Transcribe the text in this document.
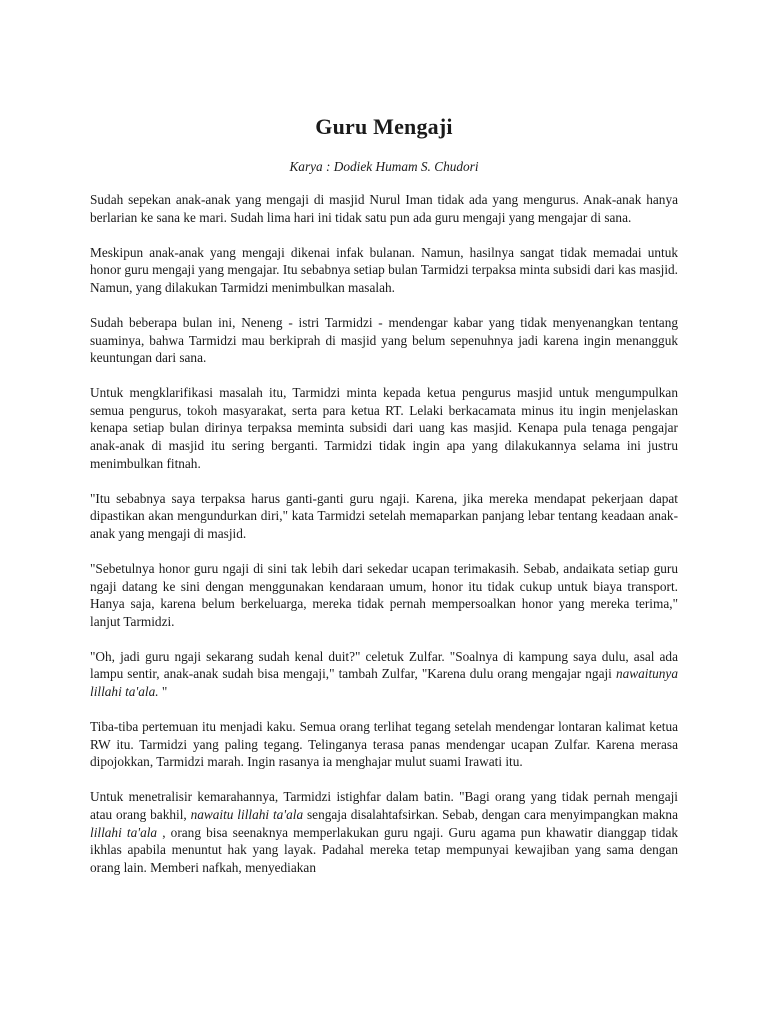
Guru Mengaji
Karya : Dodiek Humam S. Chudori

Sudah sepekan anak-anak yang mengaji di masjid Nurul Iman tidak ada yang mengurus. Anak-anak hanya berlarian ke sana ke mari. Sudah lima hari ini tidak satu pun ada guru mengaji yang mengajar di sana.

Meskipun anak-anak yang mengaji dikenai infak bulanan. Namun, hasilnya sangat tidak memadai untuk honor guru mengaji yang mengajar. Itu sebabnya setiap bulan Tarmidzi terpaksa minta subsidi dari kas masjid. Namun, yang dilakukan Tarmidzi menimbulkan masalah.

Sudah beberapa bulan ini, Neneng - istri Tarmidzi - mendengar kabar yang tidak menyenangkan tentang suaminya, bahwa Tarmidzi mau berkiprah di masjid yang belum sepenuhnya jadi karena ingin menangguk keuntungan dari sana.

Untuk mengklarifikasi masalah itu, Tarmidzi minta kepada ketua pengurus masjid untuk mengumpulkan semua pengurus, tokoh masyarakat, serta para ketua RT. Lelaki berkacamata minus itu ingin menjelaskan kenapa setiap bulan dirinya terpaksa meminta subsidi dari uang kas masjid. Kenapa pula tenaga pengajar anak-anak di masjid itu sering berganti. Tarmidzi tidak ingin apa yang dilakukannya selama ini justru menimbulkan fitnah.

"Itu sebabnya saya terpaksa harus ganti-ganti guru ngaji. Karena, jika mereka mendapat pekerjaan dapat dipastikan akan mengundurkan diri," kata Tarmidzi setelah memaparkan panjang lebar tentang keadaan anak-anak yang mengaji di masjid.

"Sebetulnya honor guru ngaji di sini tak lebih dari sekedar ucapan terimakasih. Sebab, andaikata setiap guru ngaji datang ke sini dengan menggunakan kendaraan umum, honor itu tidak cukup untuk biaya transport. Hanya saja, karena belum berkeluarga, mereka tidak pernah mempersoalkan honor yang mereka terima," lanjut Tarmidzi.

"Oh, jadi guru ngaji sekarang sudah kenal duit?" celetuk Zulfar. "Soalnya di kampung saya dulu, asal ada lampu sentir, anak-anak sudah bisa mengaji," tambah Zulfar, "Karena dulu orang mengajar ngaji nawaitunya lillahi ta'ala. "

Tiba-tiba pertemuan itu menjadi kaku. Semua orang terlihat tegang setelah mendengar lontaran kalimat ketua RW itu. Tarmidzi yang paling tegang. Telinganya terasa panas mendengar ucapan Zulfar. Karena merasa dipojokkan, Tarmidzi marah. Ingin rasanya ia menghajar mulut suami Irawati itu.

Untuk menetralisir kemarahannya, Tarmidzi istighfar dalam batin. "Bagi orang yang tidak pernah mengaji atau orang bakhil, nawaitu lillahi ta'ala sengaja disalahtafsirkan. Sebab, dengan cara menyimpangkan makna lillahi ta'ala , orang bisa seenaknya memperlakukan guru ngaji. Guru agama pun khawatir dianggap tidak ikhlas apabila menuntut hak yang layak. Padahal mereka tetap mempunyai kewajiban yang sama dengan orang lain. Memberi nafkah, menyediakan
